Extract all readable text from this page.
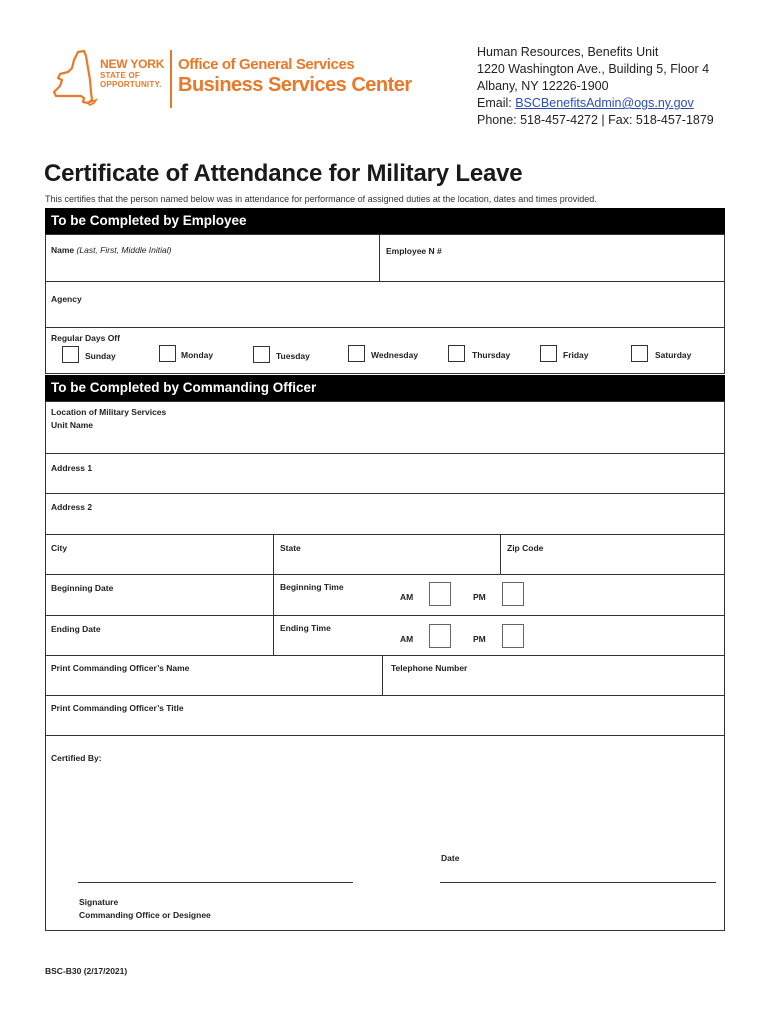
NEW YORK
STATE OF
OPPORTUNITY.
Office of General Services
Business Services Center
Human Resources, Benefits Unit
1220 Washington Ave., Building 5, Floor 4
Albany, NY 12226-1900
Email: BSCBenefitsAdmin@ogs.ny.gov
Phone: 518-457-4272 | Fax: 518-457-1879
Certificate of Attendance for Military Leave
This certifies that the person named below was in attendance for performance of assigned duties at the location, dates and times provided.
To be Completed by Employee
Name (Last, First, Middle Initial)	Employee N #
Agency
Regular Days Off
Sunday	Monday	Tuesday	Wednesday	Thursday	Friday	Saturday
To be Completed by Commanding Officer
Location of Military Services
Unit Name
Address 1
Address 2
City	State	Zip Code
Beginning Date	Beginning Time
AM	PM
Ending Date	Ending Time
AM	PM
Print Commanding Officer’s Name	Telephone Number
Print Commanding Officer’s Title
Certified By:
Date
Signature
Commanding Office or Designee
BSC-B30 (2/17/2021)
